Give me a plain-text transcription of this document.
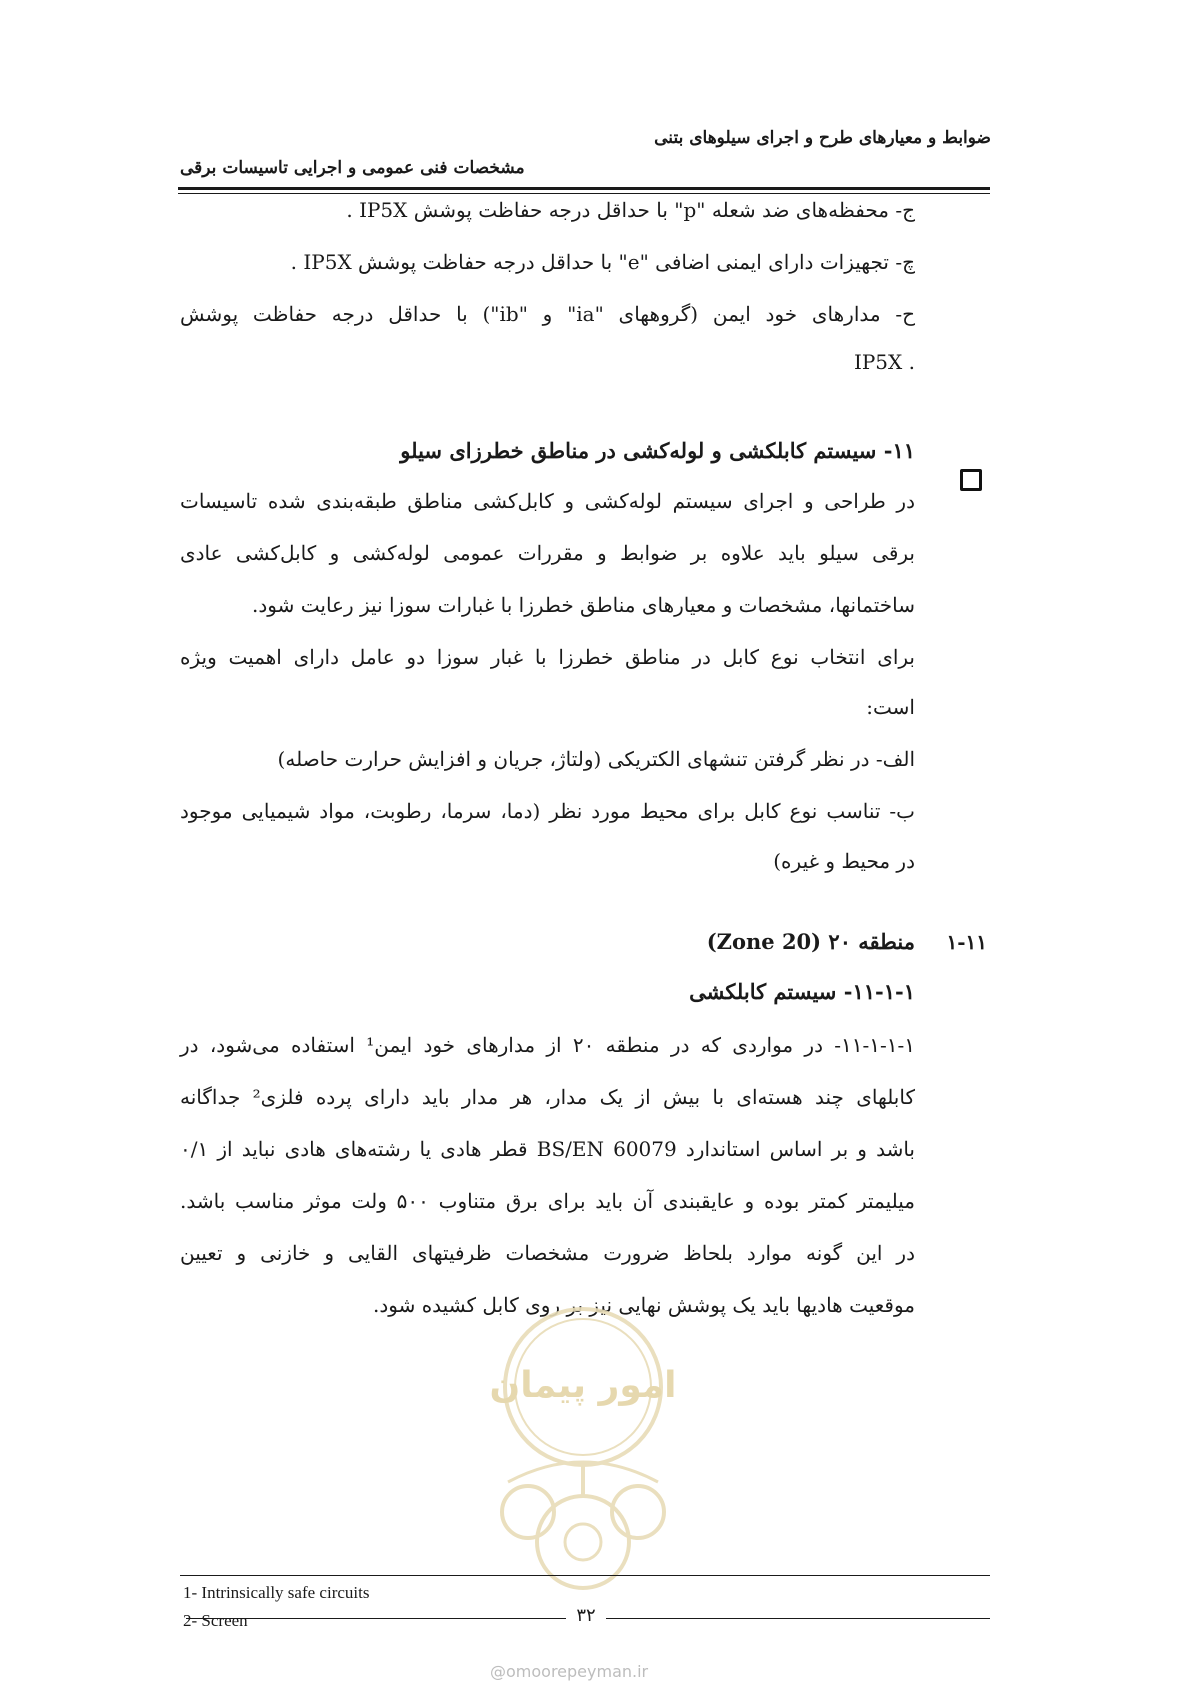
ضوابط و معیارهای طرح و اجرای سیلوهای بتنی
مشخصات فنی عمومی و اجرایی تاسیسات برقی
ج- محفظه‌های ضد شعله "p" با حداقل درجه حفاظت پوشش IP5X .
چ- تجهیزات دارای ایمنی اضافی "e" با حداقل درجه حفاظت پوشش IP5X .
ح- مدارهای خود ایمن (گروههای "ia" و "ib") با حداقل درجه حفاظت پوشش
. IP5X
۱۱- سیستم کابلکشی و لوله‌کشی در مناطق خطرزای سیلو
در طراحی و اجرای سیستم لوله‌کشی و کابل‌کشی مناطق طبقه‌بندی شده تاسیسات
برقی سیلو باید علاوه بر ضوابط و مقررات عمومی لوله‌کشی و کابل‌کشی عادی
ساختمانها، مشخصات و معیارهای مناطق خطرزا با غبارات سوزا نیز رعایت شود.
برای انتخاب نوع کابل در مناطق خطرزا با غبار سوزا دو عامل دارای اهمیت ویژه
است:
الف- در نظر گرفتن تنشهای الکتریکی (ولتاژ، جریان و افزایش حرارت حاصله)
ب- تناسب نوع کابل برای محیط مورد نظر (دما، سرما، رطوبت، مواد شیمیایی موجود
در محیط و غیره)
۱-۱۱
منطقه ۲۰ (Zone 20)
۱۱-۱-۱- سیستم کابلکشی
۱۱-۱-۱-۱- در مواردی که در منطقه ۲۰ از مدارهای خود ایمن¹ استفاده می‌شود، در
کابلهای چند هسته‌ای با بیش از یک مدار، هر مدار باید دارای پرده فلزی² جداگانه
باشد و بر اساس استاندارد BS/EN 60079 قطر هادی یا رشته‌های هادی نباید از ۰/۱
میلیمتر کمتر بوده و عایقبندی آن باید برای برق متناوب ۵۰۰ ولت موثر مناسب باشد.
در این گونه موارد بلحاظ ضرورت مشخصات ظرفیتهای القایی و خازنی و تعیین
موقعیت هادیها باید یک پوشش نهایی نیز بر روی کابل کشیده شود.
امور پیمان
1- Intrinsically safe circuits
2- Screen	۳۲
@omoorepeyman.ir
